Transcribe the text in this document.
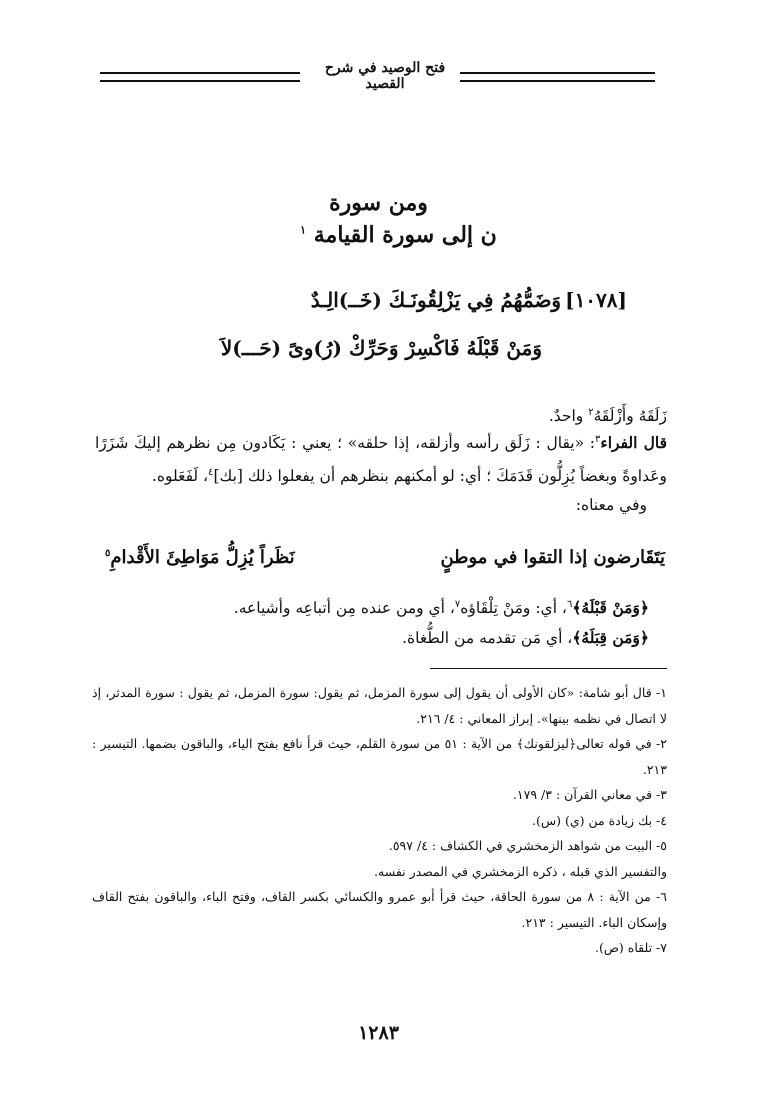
فتح الوصيد في شرح القصيد
ومن سورة
ن إلى سورة القيامة $^١$
[١٠٧٨]وَضَمُّهُمُ فِي يَزْلِقُونَـكَ (خَــ)الِـدٌ
وَمَنْ قَبْلَهُ فَاكْسِرْ وَحَرِّكْ (رُ)وىً (حَـــ)لاَ
زَلَقَهُ وأَزْلَقَهُ$^٢$ واحدٌ.
قال الفراء$^٣$: «يقال : زَلَق رأسه وأزلقه، إذا حلقه» ؛ يعني : يَكَادون مِن نظرهم إليكَ شَزَرًا وعَداوةً وبغضاً يُزِلُّون قَدَمَكَ ؛ أي: لو أمكنهم بنظرهم أن يفعلوا ذلك [بك]$^٤$، لَفَعَلوه.
وفي معناه:
يَتَقَارضون إذا التقوا في موطنٍ
نَظَراً يُزِلُّ مَوَاطِئَ الأَقْدامِ$^٥$
﴿وَمَنْ قَبْلَهُ﴾$^٦$، أي: ومَنْ تِلْقَاؤه$^٧$، أي ومن عنده مِن أتباعِه وأشياعه.
﴿وَمَن قِبَلَهُ﴾، أي مَن تقدمه من الطُّغاة.

١- قال أبو شامة: «كان الأولى أن يقول إلى سورة المزمل، ثم يقول: سورة المزمل، ثم يقول : سورة المدثر، إذ لا اتصال في نظمه بينها». إبراز المعاني : ٤/ ٢١٦.

٢- في قوله تعالى﴿ليزلقونك﴾ من الآية : ٥١ من سورة القلم، حيث قرأ نافع بفتح الياء، والباقون بضمها. التيسير : ٢١٣.

٣- في معاني القرآن : ٣/ ١٧٩.

٤- بك زيادة من (ي) (س).

٥- البيت من شواهد الزمخشري في الكشاف : ٤/ ٥٩٧.

والتفسير الذي قبله ، ذكره الزمخشري في المصدر نفسه.

٦- من الآية : ٨ من سورة الحاقة، حيث قرأ أبو عمرو والكسائي بكسر القاف، وفتح الباء، والباقون بفتح القاف وإسكان الباء. التيسير : ٢١٣.

٧- تلقاه (ص).

١٢٨٣
